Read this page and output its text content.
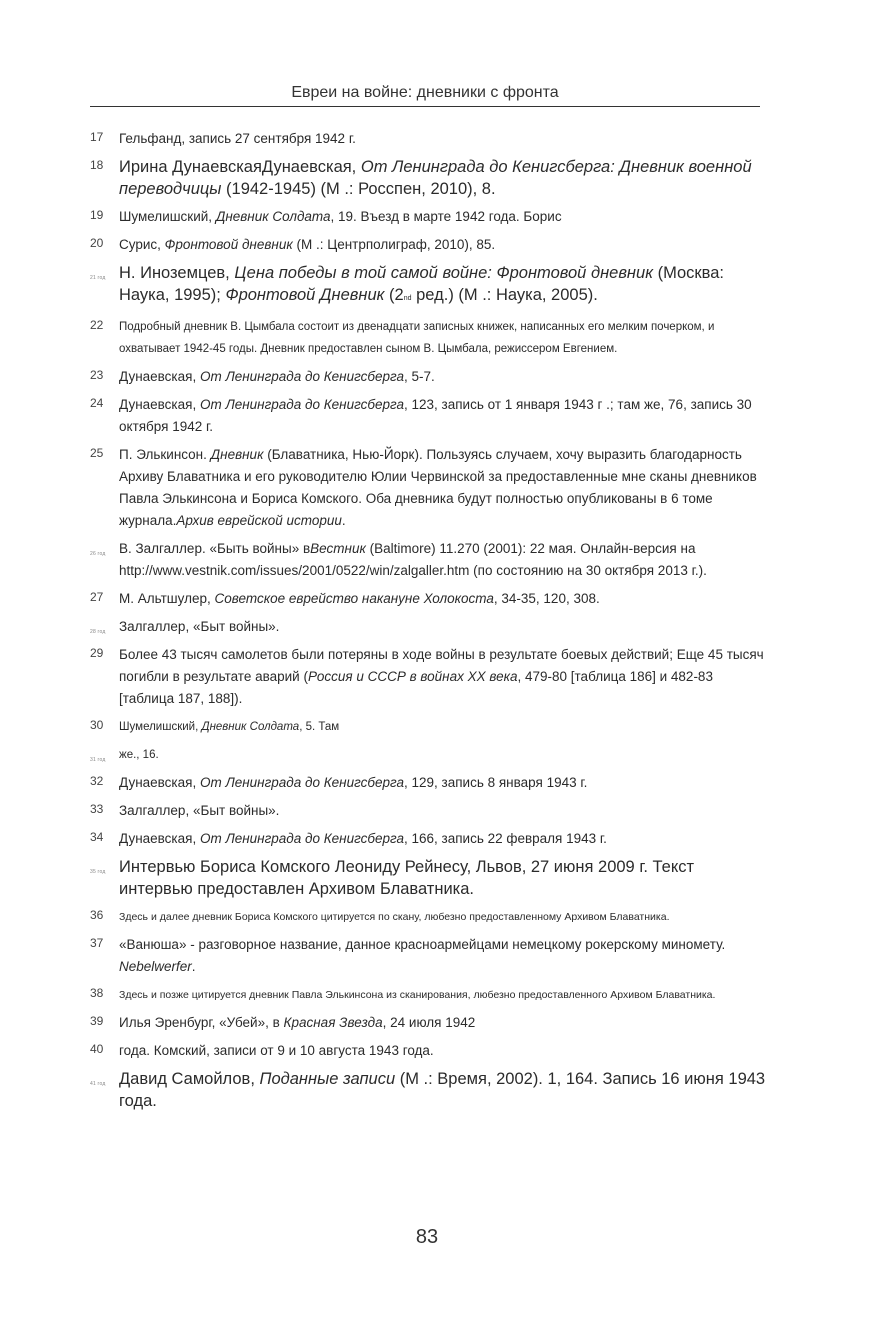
Евреи на войне: дневники с фронта
17 Гельфанд, запись 27 сентября 1942 г.
18 Ирина ДунаевскаяДунаевская, От Ленинграда до Кенигсберга: Дневник военной переводчицы (1942-1945) (М .: Росспен, 2010), 8.
19 Шумелишский, Дневник Солдата, 19. Въезд в марте 1942 года. Борис
20 Сурис, Фронтовой дневник (М .: Центрполиграф, 2010), 85.
21 год Н. Иноземцев, Цена победы в той самой войне: Фронтовой дневник (Москва: Наука, 1995); Фронтовой Дневник (2nd ред.) (М .: Наука, 2005).
22 Подробный дневник В. Цымбала состоит из двенадцати записных книжек, написанных его мелким почерком, и охватывает 1942-45 годы. Дневник предоставлен сыном В. Цымбала, режиссером Евгением.
23 Дунаевская, От Ленинграда до Кенигсберга, 5-7.
24 Дунаевская, От Ленинграда до Кенигсберга, 123, запись от 1 января 1943 г .; там же, 76, запись 30 октября 1942 г.
25 П. Элькинсон. Дневник (Блаватника, Нью-Йорк). Пользуясь случаем, хочу выразить благодарность Архиву Блаватника и его руководителю Юлии Червинской за предоставленные мне сканы дневников Павла Элькинсона и Бориса Комского. Оба дневника будут полностью опубликованы в 6 томе журнала.Архив еврейской истории.
26 год В. Залгаллер. «Быть войны» вВестник (Baltimore) 11.270 (2001): 22 мая. Онлайн-версия на http://www.vestnik.com/issues/2001/0522/win/zalgaller.htm (по состоянию на 30 октября 2013 г.).
27 М. Альтшулер, Советское еврейство накануне Холокоста, 34-35, 120, 308.
28 год Залгаллер, «Быт войны».
29 Более 43 тысяч самолетов были потеряны в ходе войны в результате боевых действий; Еще 45 тысяч погибли в результате аварий (Россия и СССР в войнах XX века, 479-80 [таблица 186] и 482-83 [таблица 187, 188]).
30 Шумелишский, Дневник Солдата, 5. Там
31 год же., 16.
32 Дунаевская, От Ленинграда до Кенигсберга, 129, запись 8 января 1943 г.
33 Залгаллер, «Быт войны».
34 Дунаевская, От Ленинграда до Кенигсберга, 166, запись 22 февраля 1943 г.
35 год Интервью Бориса Комского Леониду Рейнесу, Львов, 27 июня 2009 г. Текст интервью предоставлен Архивом Блаватника.
36 Здесь и далее дневник Бориса Комского цитируется по скану, любезно предоставленному Архивом Блаватника.
37 «Ванюша» - разговорное название, данное красноармейцами немецкому рокерскому миномету. Nebelwerfer.
38 Здесь и позже цитируется дневник Павла Элькинсона из сканирования, любезно предоставленного Архивом Блаватника.
39 Илья Эренбург, «Убей», в Красная Звезда, 24 июля 1942
40 года. Комский, записи от 9 и 10 августа 1943 года.
41 год Давид Самойлов, Поданные записи (М .: Время, 2002). 1, 164. Запись 16 июня 1943 года.
83
